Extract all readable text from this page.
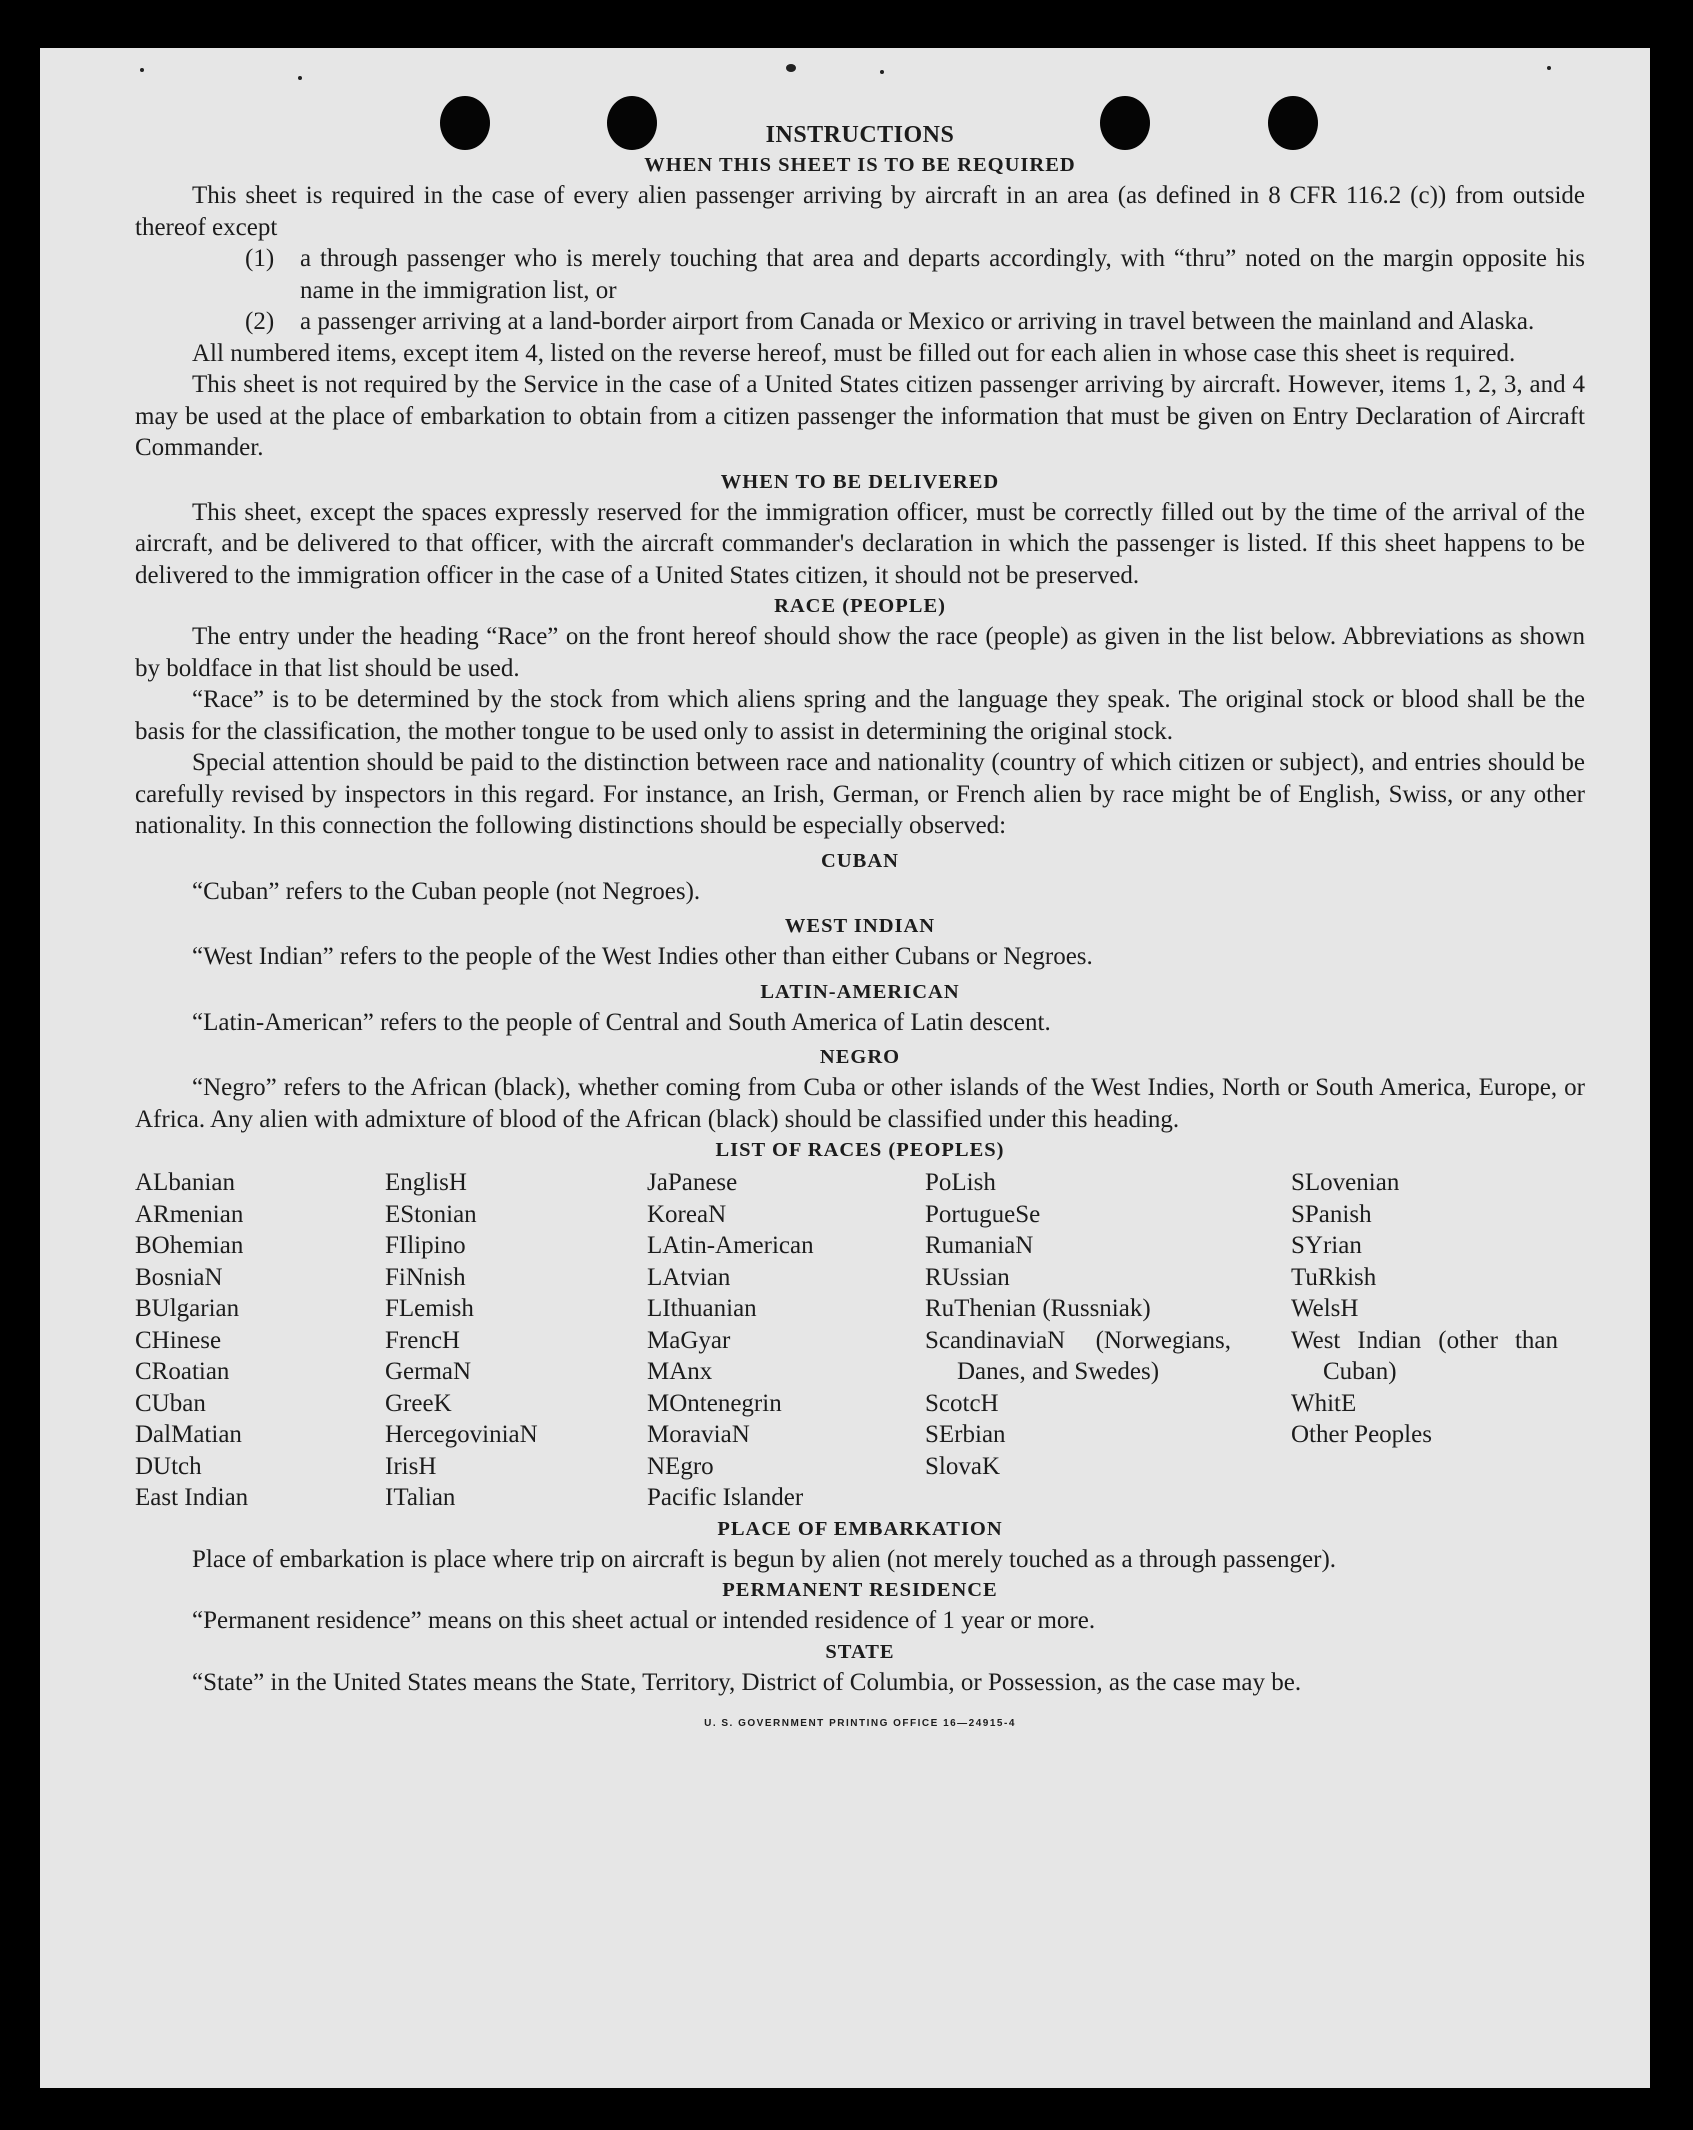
INSTRUCTIONS
WHEN THIS SHEET IS TO BE REQUIRED

This sheet is required in the case of every alien passenger arriving by aircraft in an area (as defined in 8 CFR 116.2 (c)) from outside thereof except

(1)	a through passenger who is merely touching that area and departs accordingly, with “thru” noted on the margin opposite his name in the immigration list, or
(2)	a passenger arriving at a land-border airport from Canada or Mexico or arriving in travel between the mainland and Alaska.

All numbered items, except item 4, listed on the reverse hereof, must be filled out for each alien in whose case this sheet is required.

This sheet is not required by the Service in the case of a United States citizen passenger arriving by aircraft. However, items 1, 2, 3, and 4 may be used at the place of embarkation to obtain from a citizen passenger the information that must be given on Entry Declaration of Aircraft Commander.

WHEN TO BE DELIVERED

This sheet, except the spaces expressly reserved for the immigration officer, must be correctly filled out by the time of the arrival of the aircraft, and be delivered to that officer, with the aircraft commander's declaration in which the passenger is listed. If this sheet happens to be delivered to the immigration officer in the case of a United States citizen, it should not be preserved.

RACE (PEOPLE)

The entry under the heading “Race” on the front hereof should show the race (people) as given in the list below. Abbreviations as shown by boldface in that list should be used.

“Race” is to be determined by the stock from which aliens spring and the language they speak. The original stock or blood shall be the basis for the classification, the mother tongue to be used only to assist in determining the original stock.

Special attention should be paid to the distinction between race and nationality (country of which citizen or subject), and entries should be carefully revised by inspectors in this regard. For instance, an Irish, German, or French alien by race might be of English, Swiss, or any other nationality. In this connection the following distinctions should be especially observed:

CUBAN

“Cuban” refers to the Cuban people (not Negroes).

WEST INDIAN

“West Indian” refers to the people of the West Indies other than either Cubans or Negroes.

LATIN-AMERICAN

“Latin-American” refers to the people of Central and South America of Latin descent.

NEGRO

“Negro” refers to the African (black), whether coming from Cuba or other islands of the West Indies, North or South America, Europe, or Africa. Any alien with admixture of blood of the African (black) should be classified under this heading.

LIST OF RACES (PEOPLES)
ALbanian
ARmenian
BOhemian
BosniaN
BUlgarian
CHinese
CRoatian
CUban
DalMatian
DUtch
East Indian
EnglisH
EStonian
FIlipino
FiNnish
FLemish
FrencH
GermaN
GreeK
HercegoviniaN
IrisH
ITalian
JaPanese
KoreaN
LAtin-American
LAtvian
LIthuanian
MaGyar
MAnx
MOntenegrin
MoraviaN
NEgro
Pacific Islander
PoLish
PortugueSe
RumaniaN
RUssian
RuThenian (Russniak)
ScandinaviaN (Norwegians, Danes, and Swedes)
ScotcH
SErbian
SlovaK
SLovenian
SPanish
SYrian
TuRkish
WelsH
West Indian (other than Cuban)
WhitE
Other Peoples
PLACE OF EMBARKATION

Place of embarkation is place where trip on aircraft is begun by alien (not merely touched as a through passenger).

PERMANENT RESIDENCE

“Permanent residence” means on this sheet actual or intended residence of 1 year or more.

STATE

“State” in the United States means the State, Territory, District of Columbia, or Possession, as the case may be.

U. S. GOVERNMENT PRINTING OFFICE 16—24915-4
